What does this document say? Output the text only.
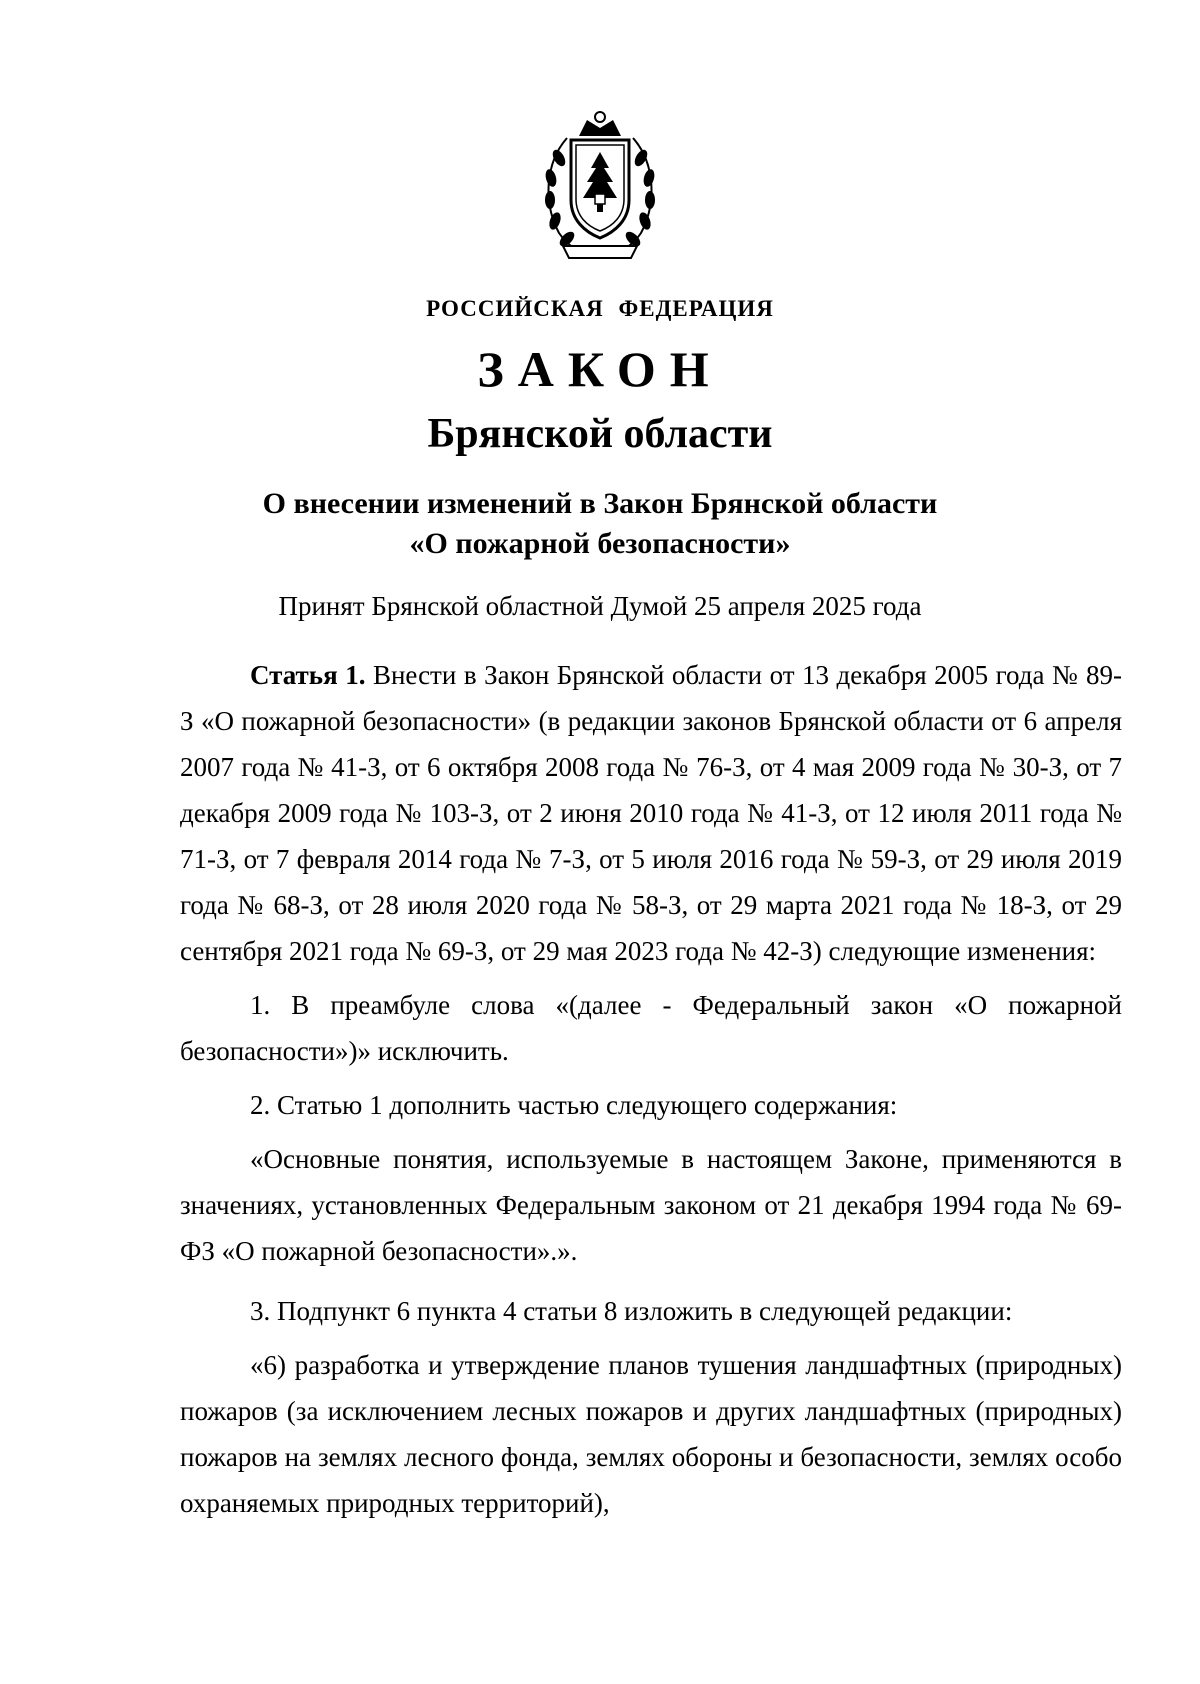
РОССИЙСКАЯ ФЕДЕРАЦИЯ
ЗАКОН
Брянской области
О внесении изменений в Закон Брянской области
«О пожарной безопасности»
Принят Брянской областной Думой 25 апреля 2025 года

Статья 1. Внести в Закон Брянской области от 13 декабря 2005 года № 89-З «О пожарной безопасности» (в редакции законов Брянской области от 6 апреля 2007 года № 41-З, от 6 октября 2008 года № 76-З, от 4 мая 2009 года № 30-З, от 7 декабря 2009 года № 103-З, от 2 июня 2010 года № 41-З, от 12 июля 2011 года № 71-З, от 7 февраля 2014 года № 7-З, от 5 июля 2016 года № 59-З, от 29 июля 2019 года № 68-З, от 28 июля 2020 года № 58-З, от 29 марта 2021 года № 18-З, от 29 сентября 2021 года № 69-З, от 29 мая 2023 года № 42-З) следующие изменения:

1. В преамбуле слова «(далее - Федеральный закон «О пожарной безопасности»)» исключить.

2. Статью 1 дополнить частью следующего содержания:

«Основные понятия, используемые в настоящем Законе, применяются в значениях, установленных Федеральным законом от 21 декабря 1994 года № 69-ФЗ «О пожарной безопасности».».

3. Подпункт 6 пункта 4 статьи 8 изложить в следующей редакции:

«6) разработка и утверждение планов тушения ландшафтных (природных) пожаров (за исключением лесных пожаров и других ландшафтных (природных) пожаров на землях лесного фонда, землях обороны и безопасности, землях особо охраняемых природных территорий),
